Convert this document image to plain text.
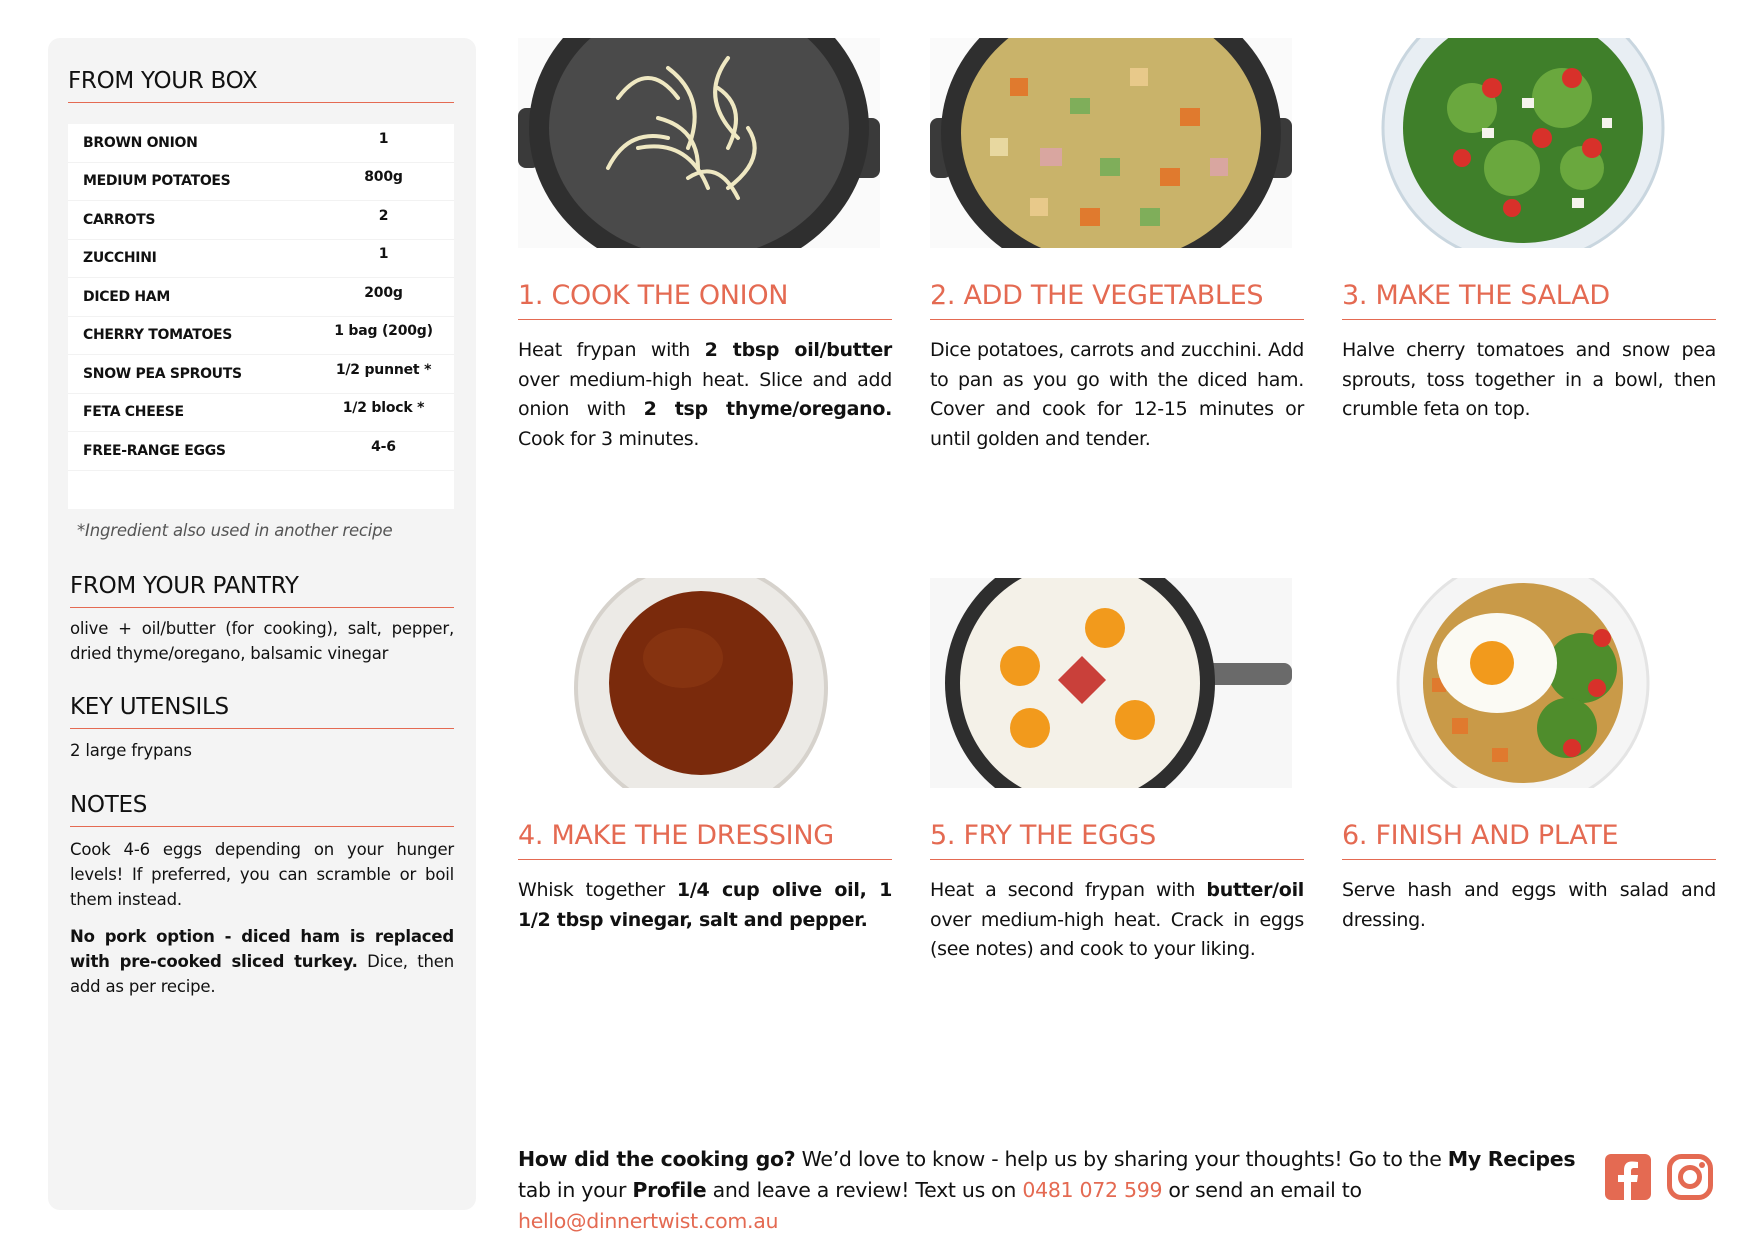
FROM YOUR BOX
BROWN ONION	1
MEDIUM POTATOES	800g
CARROTS	2
ZUCCHINI	1
DICED HAM	200g
CHERRY TOMATOES	1 bag (200g)
SNOW PEA SPROUTS	1/2 punnet *
FETA CHEESE	1/2 block *
FREE-RANGE EGGS	4-6
*Ingredient also used in another recipe
FROM YOUR PANTRY
olive + oil/butter (for cooking), salt, pepper, dried thyme/oregano, balsamic vinegar
KEY UTENSILS
2 large frypans
NOTES
Cook 4-6 eggs depending on your hunger levels! If preferred, you can scramble or boil them instead.
No pork option - diced ham is replaced with pre-cooked sliced turkey. Dice, then add as per recipe.
1. COOK THE ONION
Heat frypan with 2 tbsp oil/butter over medium-high heat. Slice and add onion with 2 tsp thyme/oregano. Cook for 3 minutes.
2. ADD THE VEGETABLES
Dice potatoes, carrots and zucchini. Add to pan as you go with the diced ham. Cover and cook for 12-15 minutes or until golden and tender.
3. MAKE THE SALAD
Halve cherry tomatoes and snow pea sprouts, toss together in a bowl, then crumble feta on top.
4. MAKE THE DRESSING
Whisk together 1/4 cup olive oil, 1 1/2 tbsp vinegar, salt and pepper.
5. FRY THE EGGS
Heat a second frypan with butter/oil over medium-high heat. Crack in eggs (see notes) and cook to your liking.
6. FINISH AND PLATE
Serve hash and eggs with salad and dressing.
How did the cooking go? We’d love to know - help us by sharing your thoughts! Go to the My Recipes tab in your Profile and leave a review! Text us on 0481 072 599 or send an email to hello@dinnertwist.com.au
